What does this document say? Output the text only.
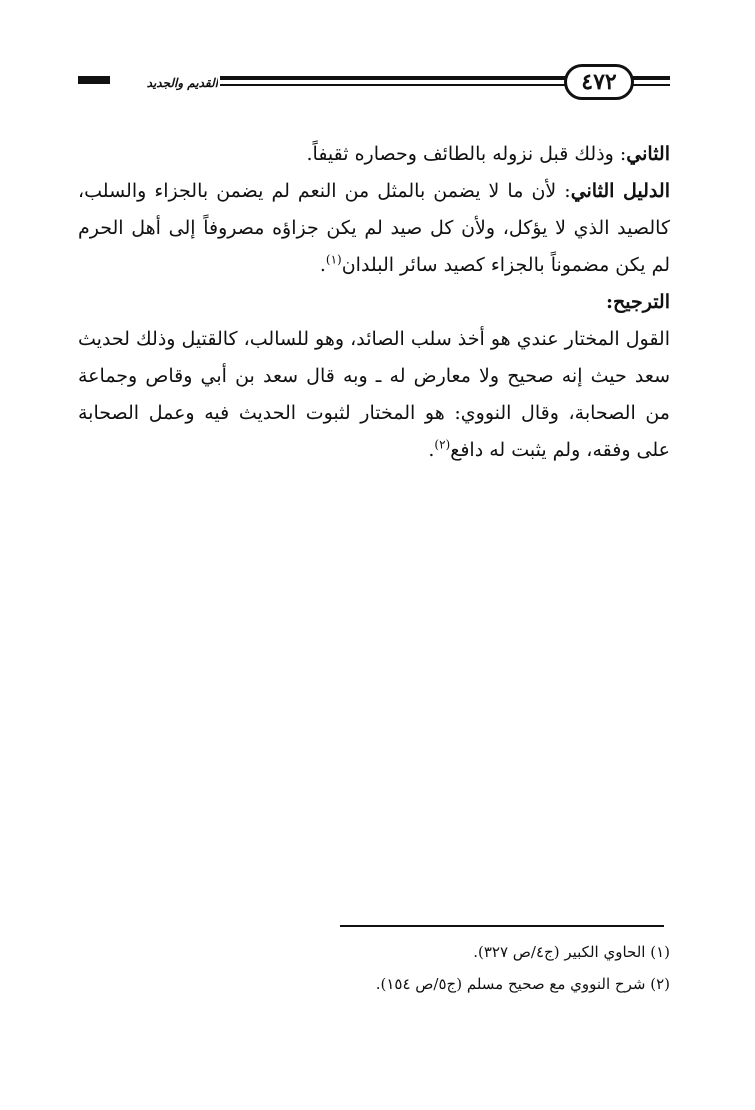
القديم والجديد	٤٧٢

الثاني: وذلك قبل نزوله بالطائف وحصاره ثقيفاً.

الدليل الثاني: لأن ما لا يضمن بالمثل من النعم لم يضمن بالجزاء والسلب، كالصيد الذي لا يؤكل، ولأن كل صيد لم يكن جزاؤه مصروفاً إلى أهل الحرم لم يكن مضموناً بالجزاء كصيد سائر البلدان$^{(١)}$.

الترجيح:

القول المختار عندي هو أخذ سلب الصائد، وهو للسالب، كالقتيل وذلك لحديث سعد حيث إنه صحيح ولا معارض له ـ وبه قال سعد بن أبي وقاص وجماعة من الصحابة، وقال النووي: هو المختار لثبوت الحديث فيه وعمل الصحابة على وفقه، ولم يثبت له دافع$^{(٢)}$.

(١) الحاوي الكبير (ج٤/ص ٣٢٧).

(٢) شرح النووي مع صحيح مسلم (ج٥/ص ١٥٤).
